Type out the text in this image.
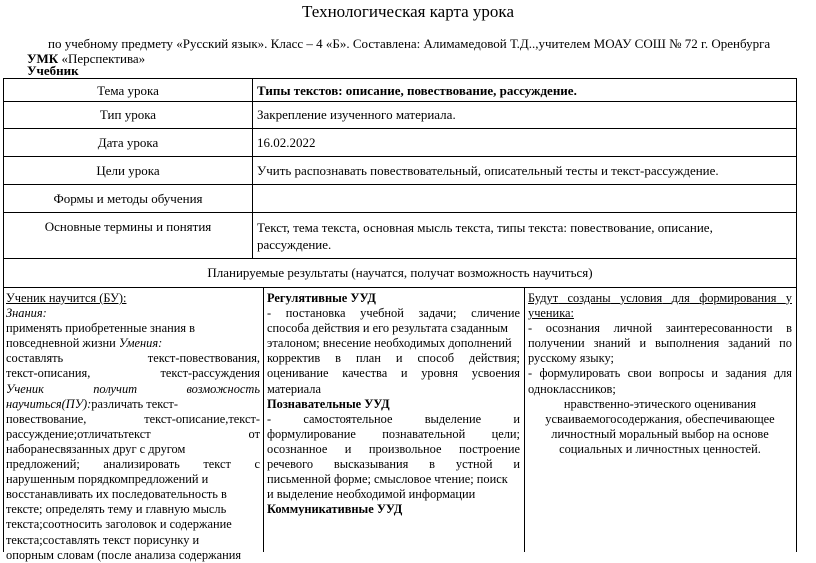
Технологическая карта урока
по учебному предмету «Русский язык». Класс – 4 «Б». Составлена: Алимамедовой Т.Д..,учителем МОАУ СОШ № 72 г. Оренбурга
УМК «Перспектива»
Учебник
Тема урока	Типы текстов: описание, повествование, рассуждение.
Тип урока	Закрепление изученного материала.
Дата урока	16.02.2022
Цели урока	Учить распознавать повествовательный, описательный тесты и текст-рассуждение.
Формы и методы обучения
Основные термины и понятия	Текст, тема текста, основная мысль текста, типы текста: повествование, описание,
рассуждение.
Планируемые результаты (научатся, получат возможность научиться)
Ученик научится (БУ):
Знания:
применять приобретенные знания в
повседневной жизни Умения:
составлять	текст-повествования,
текст-описания,	текст-рассуждения
Ученик	получит	возможность
научиться(ПУ):различать текст-
повествование,	текст-описание,текст-
рассуждение;отличатьтекст	от
наборанесвязанных друг с другом
предложений; анализировать текст с
нарушенным порядкомпредложений и
восстанавливать их последовательность в
тексте; определять тему и главную мысль
текста;соотносить заголовок и содержание
текста;составлять текст порисунку и
опорным словам (после анализа содержания
Регулятивные УУД
- постановка учебной задачи; сличение
способа действия и его результата сзаданным
эталоном; внесение необходимых дополнений
корректив в план и способ действия;
оценивание качества и уровня усвоения
материала
Познавательные УУД
-	самостоятельное	выделение	и
формулирование познавательной цели;
осознанное и произвольное построение
речевого высказывания в устной и
письменной форме; смысловое чтение; поиск
и выделение необходимой информации
Коммуникативные УУД
Будут созданы условия для формирования у
ученика:
- осознания личной заинтересованности в
получении знаний и выполнения заданий по
русскому языку;
- формулировать свои вопросы и задания для
одноклассников;
нравственно-этического оценивания
усваиваемогосодержания, обеспечивающее
личностный моральный выбор на основе
социальных и личностных ценностей.
